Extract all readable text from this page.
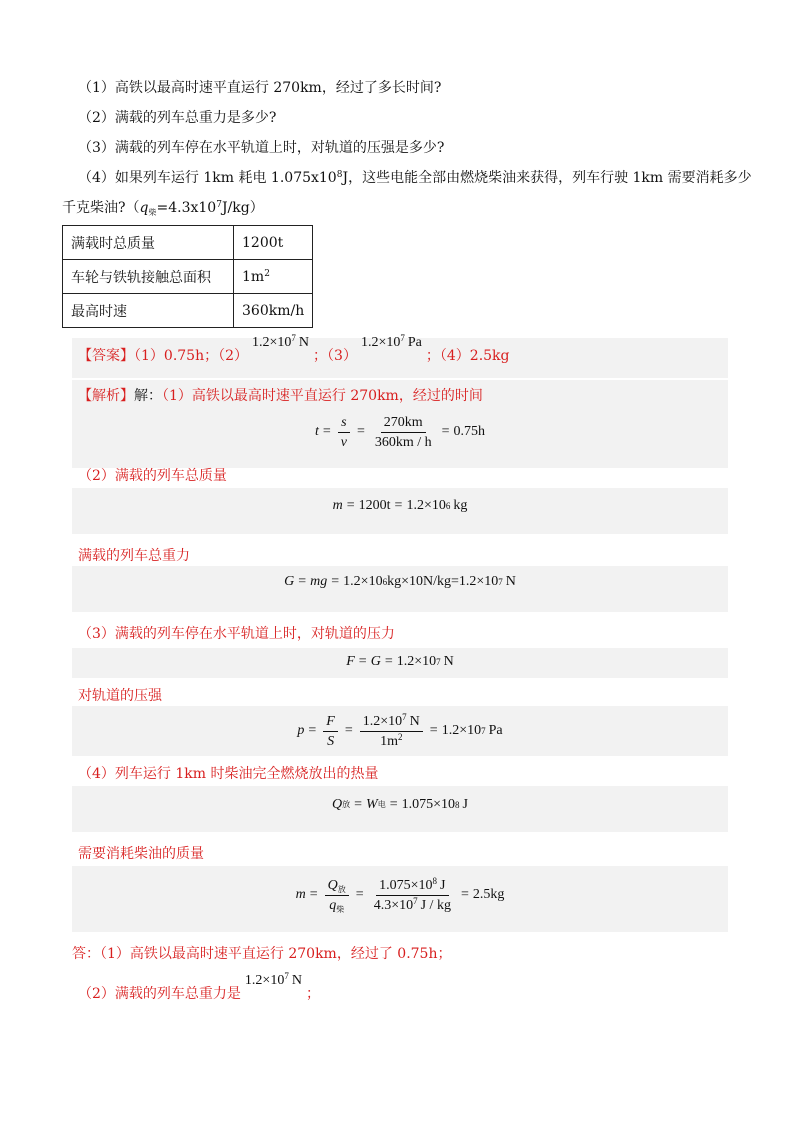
（1）高铁以最高时速平直运行 270km，经过了多长时间?
（2）满载的列车总重力是多少?
（3）满载的列车停在水平轨道上时，对轨道的压强是多少?
（4）如果列车运行 1km 耗电 $1.075x10^8J$，这些电能全部由燃烧柴油来获得，列车行驶 1km 需要消耗多少
千克柴油$?(q_柴=4.3x10^7J/kg)$
满载时总质量	1200t
车轮与铁轨接触总面积	$1m^2$
最高时速	360km/h
【答案】（1）0.75h；$(2)1.2\times 10^7$ N；$(3)1.2\times 10^7$ Pa；（4）2.5kg
【解析】解：（1）高铁以最高时速平直运行 270km，经过的时间
$t = \frac{s}{v} = \frac{270km}{360km / h} = 0.75h$
（2）满载的列车总质量
m = 1200t = 1.2×10 6 kg
满载的列车总重力
G = mg = 1.2×10 6 kg×10N/kg=1.2×10 7 N
（3）满载的列车停在水平轨道上时，对轨道的压力
F = G = 1.2×10 7 N
对轨道的压强
$p = \frac{F}{S} = \frac{1.2\times 10^7 N}{1m^2} = 1.2\times 10$ 7 Pa
（4）列车运行 1km 时柴油完全燃烧放出的热量
Q 放 = W 电 = 1.075×10 8 J
需要消耗柴油的质量
$m = \frac{Q_放}{q_柴} = \frac{1.075\times 10^8 J}{4.3\times 10^7 J / kg} = 2.5kg$
答：（1）高铁以最高时速平直运行 270km，经过了 0.75h；
（2）满载的列车总重力是$1.2\times 10^7$ N；
